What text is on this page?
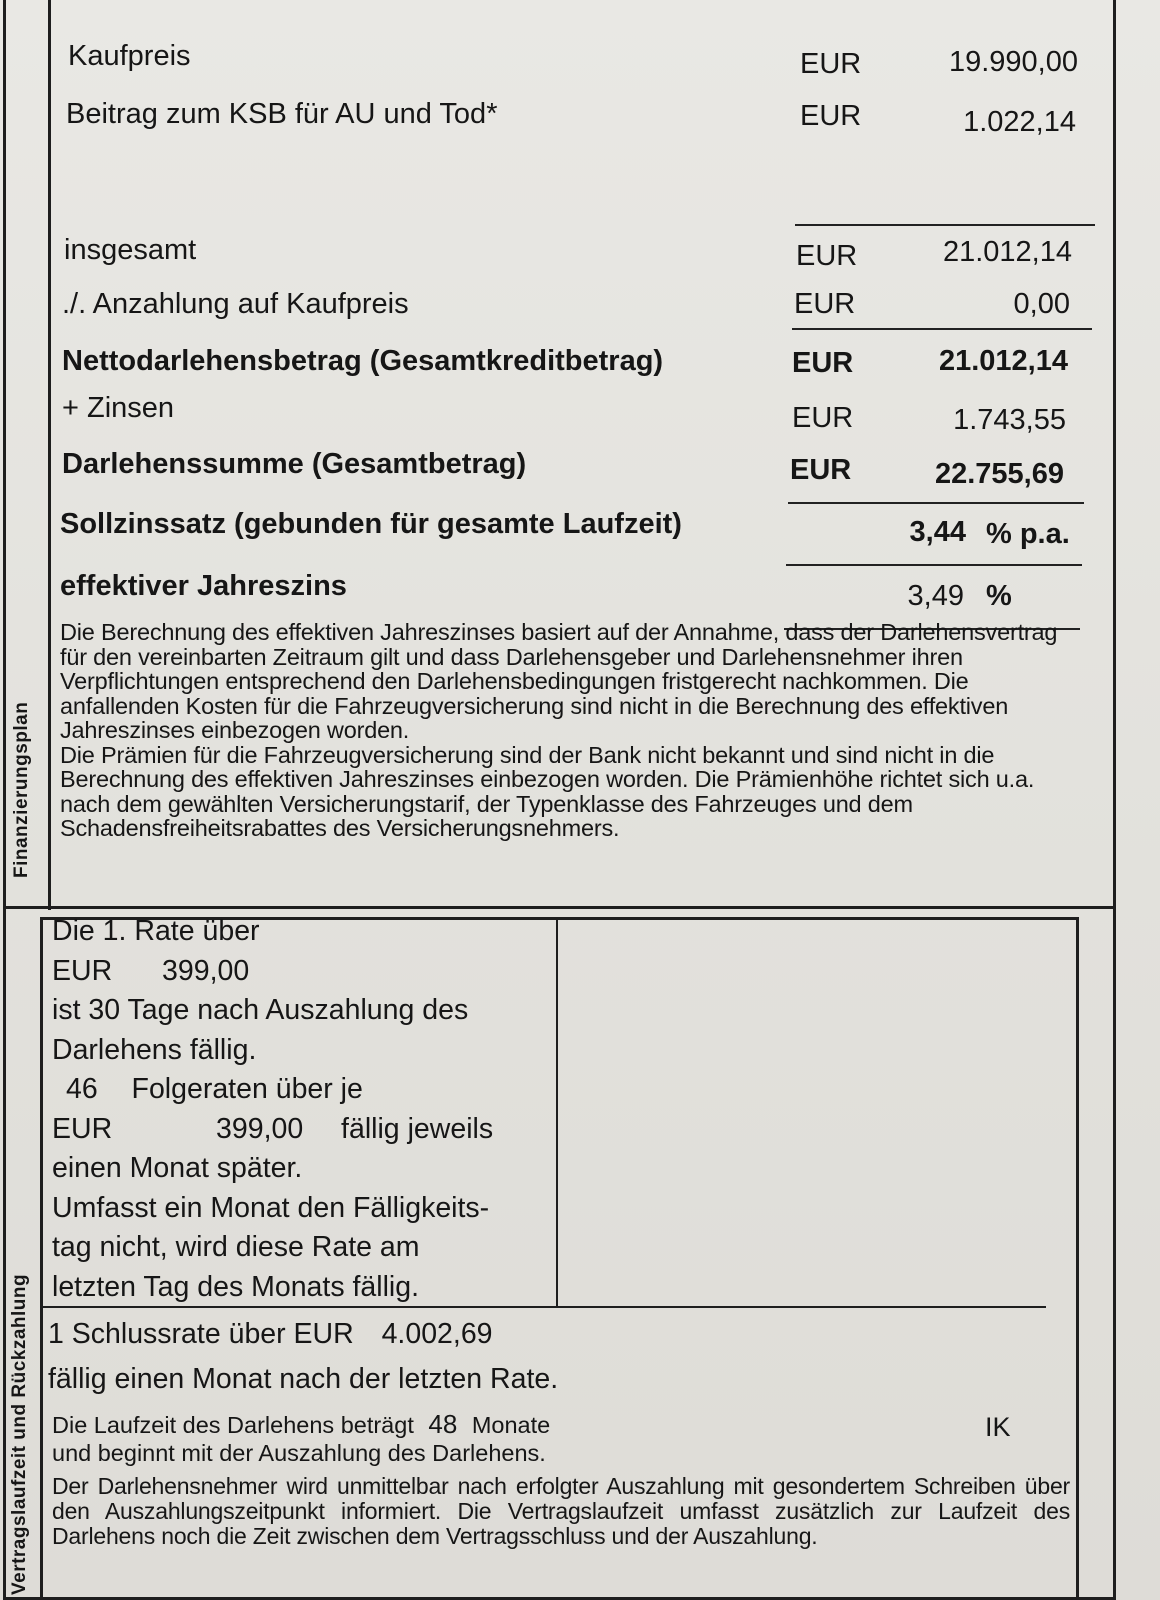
Finanzierungsplan
Kaufpreis	EUR	19.990,00
Beitrag zum KSB für AU und Tod*	EUR	1.022,14
insgesamt	EUR	21.012,14
./. Anzahlung auf Kaufpreis	EUR	0,00
Nettodarlehensbetrag (Gesamtkreditbetrag)	EUR	21.012,14
+ Zinsen	EUR	1.743,55
Darlehenssumme (Gesamtbetrag)	EUR	22.755,69
Sollzinssatz (gebunden für gesamte Laufzeit)	3,44 % p.a.
effektiver Jahreszins	3,49 %

Die Berechnung des effektiven Jahreszinses basiert auf der Annahme, dass der Darlehensvertrag für den vereinbarten Zeitraum gilt und dass Darlehensgeber und Darlehensnehmer ihren Verpflichtungen entsprechend den Darlehensbedingungen fristgerecht nachkommen. Die anfallenden Kosten für die Fahrzeugversicherung sind nicht in die Berechnung des effektiven Jahreszinses einbezogen worden.

Die Prämien für die Fahrzeugversicherung sind der Bank nicht bekannt und sind nicht in die Berechnung des effektiven Jahreszinses einbezogen worden. Die Prämienhöhe richtet sich u.a. nach dem gewählten Versicherungstarif, der Typenklasse des Fahrzeuges und dem Schadensfreiheitsrabattes des Versicherungsnehmers.

Vertragslaufzeit und Rückzahlung
Die 1. Rate über
EUR 399,00
ist 30 Tage nach Auszahlung des
Darlehens fällig.
46 Folgeraten über je
EUR	399,00 fällig jeweils
einen Monat später.
Umfasst ein Monat den Fälligkeits-
tag nicht, wird diese Rate am
letzten Tag des Monats fällig.
1 Schlussrate über EUR 4.002,69
fällig einen Monat nach der letzten Rate.
Die Laufzeit des Darlehens beträgt 48 Monate
und beginnt mit der Auszahlung des Darlehens.
IK

Der Darlehensnehmer wird unmittelbar nach erfolgter Auszahlung mit gesondertem Schreiben über den Auszahlungszeitpunkt informiert. Die Vertragslaufzeit umfasst zusätzlich zur Laufzeit des Darlehens noch die Zeit zwischen dem Vertragsschluss und der Auszahlung.
